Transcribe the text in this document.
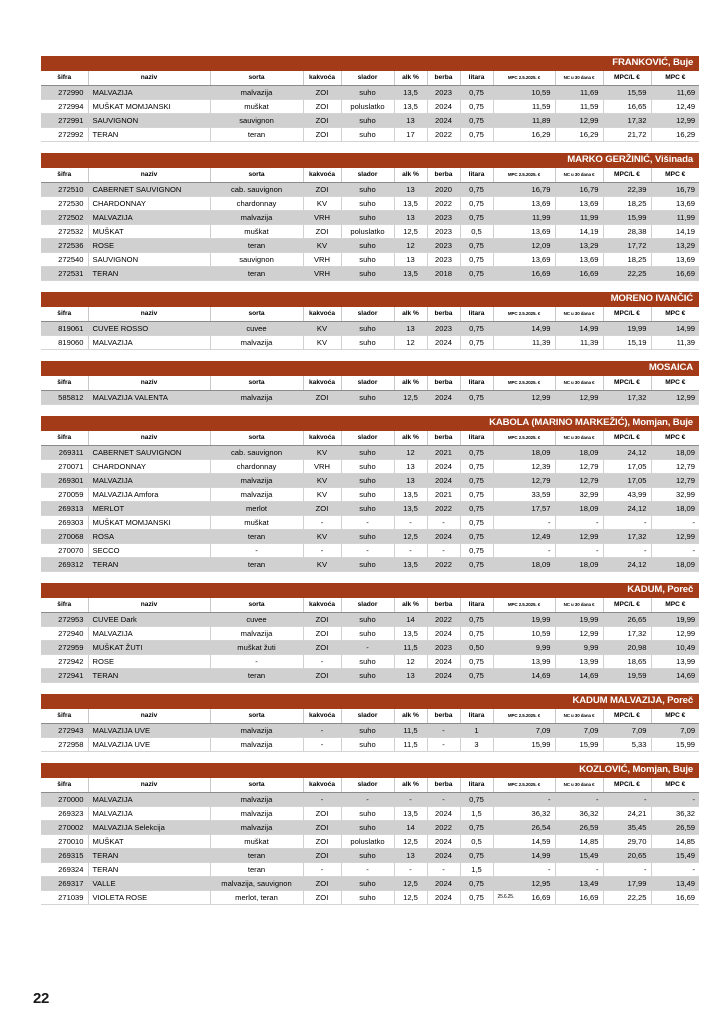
FRANKOVIĆ, Buje											
šifra	naziv	sorta	kakvoća	slador	alk %	berba	litara	MPC 2.5.2025. €	NC u 30 dana €	MPC/L €	MPC €
272990	MALVAZIJA	malvazija	ZOI	suho	13,5	2023	0,75	10,59	11,69	15,59	11,69
272994	MUŠKAT MOMJANSKI	muškat	ZOI	poluslatko	13,5	2024	0,75	11,59	11,59	16,65	12,49
272991	SAUVIGNON	sauvignon	ZOI	suho	13	2024	0,75	11,89	12,99	17,32	12,99
272992	TERAN	teran	ZOI	suho	17	2022	0,75	16,29	16,29	21,72	16,29
MARKO GERŽINIĆ, Višinada											
šifra	naziv	sorta	kakvoća	slador	alk %	berba	litara	MPC 2.5.2025. €	NC u 30 dana €	MPC/L €	MPC €
272510	CABERNET SAUVIGNON	cab. sauvignon	ZOI	suho	13	2020	0,75	16,79	16,79	22,39	16,79
272530	CHARDONNAY	chardonnay	KV	suho	13,5	2022	0,75	13,69	13,69	18,25	13,69
272502	MALVAZIJA	malvazija	VRH	suho	13	2023	0,75	11,99	11,99	15,99	11,99
272532	MUŠKAT	muškat	ZOI	poluslatko	12,5	2023	0,5	13,69	14,19	28,38	14,19
272536	ROSE	teran	KV	suho	12	2023	0,75	12,09	13,29	17,72	13,29
272540	SAUVIGNON	sauvignon	VRH	suho	13	2023	0,75	13,69	13,69	18,25	13,69
272531	TERAN	teran	VRH	suho	13,5	2018	0,75	16,69	16,69	22,25	16,69
MORENO IVANČIĆ											
šifra	naziv	sorta	kakvoća	slador	alk %	berba	litara	MPC 2.5.2025. €	NC u 30 dana €	MPC/L €	MPC €
819061	CUVEE ROSSO	cuvee	KV	suho	13	2023	0,75	14,99	14,99	19,99	14,99
819060	MALVAZIJA	malvazija	KV	suho	12	2024	0,75	11,39	11,39	15,19	11,39
MOSAICA											
šifra	naziv	sorta	kakvoća	slador	alk %	berba	litara	MPC 2.5.2025. €	NC u 30 dana €	MPC/L €	MPC €
585812	MALVAZIJA VALENTA	malvazija	ZOI	suho	12,5	2024	0,75	12,99	12,99	17,32	12,99
KABOLA (MARINO MARKEŽIĆ), Momjan, Buje											
šifra	naziv	sorta	kakvoća	slador	alk %	berba	litara	MPC 2.5.2025. €	NC u 30 dana €	MPC/L €	MPC €
269311	CABERNET SAUVIGNON	cab. sauvignon	KV	suho	12	2021	0,75	18,09	18,09	24,12	18,09
270071	CHARDONNAY	chardonnay	VRH	suho	13	2024	0,75	12,39	12,79	17,05	12,79
269301	MALVAZIJA	malvazija	KV	suho	13	2024	0,75	12,79	12,79	17,05	12,79
270059	MALVAZIJA Amfora	malvazija	KV	suho	13,5	2021	0,75	33,59	32,99	43,99	32,99
269313	MERLOT	merlot	ZOI	suho	13,5	2022	0,75	17,57	18,09	24,12	18,09
269303	MUŠKAT MOMJANSKI	muškat	-	-	-	-	0,75	-	-	-	-
270068	ROSA	teran	KV	suho	12,5	2024	0,75	12,49	12,99	17,32	12,99
270070	SECCO	-	-	-	-	-	0,75	-	-	-	-
269312	TERAN	teran	KV	suho	13,5	2022	0,75	18,09	18,09	24,12	18,09
KADUM, Poreč											
šifra	naziv	sorta	kakvoća	slador	alk %	berba	litara	MPC 2.5.2025. €	NC u 30 dana €	MPC/L €	MPC €
272953	CUVEE Dark	cuvee	ZOI	suho	14	2022	0,75	19,99	19,99	26,65	19,99
272940	MALVAZIJA	malvazija	ZOI	suho	13,5	2024	0,75	10,59	12,99	17,32	12,99
272959	MUŠKAT ŽUTI	muškat žuti	ZOI	-	11,5	2023	0,50	9,99	9,99	20,98	10,49
272942	ROSE	-	-	suho	12	2024	0,75	13,99	13,99	18,65	13,99
272941	TERAN	teran	ZOI	suho	13	2024	0,75	14,69	14,69	19,59	14,69
KADUM MALVAZIJA, Poreč											
šifra	naziv	sorta	kakvoća	slador	alk %	berba	litara	MPC 2.5.2025. €	NC u 30 dana €	MPC/L €	MPC €
272943	MALVAZIJA UVE	malvazija	-	suho	11,5	-	1	7,09	7,09	7,09	7,09
272958	MALVAZIJA UVE	malvazija	-	suho	11,5	-	3	15,99	15,99	5,33	15,99
KOZLOVIĆ, Momjan, Buje											
šifra	naziv	sorta	kakvoća	slador	alk %	berba	litara	MPC 2.5.2025. €	NC u 30 dana €	MPC/L €	MPC €
270000	MALVAZIJA	malvazija	-	-	-	-	0,75	-	-	-	-
269323	MALVAZIJA	malvazija	ZOI	suho	13,5	2024	1,5	36,32	36,32	24,21	36,32
270002	MALVAZIJA Selekcija	malvazija	ZOI	suho	14	2022	0,75	26,54	26,59	35,45	26,59
270010	MUŠKAT	muškat	ZOI	poluslatko	12,5	2024	0,5	14,59	14,85	29,70	14,85
269315	TERAN	teran	ZOI	suho	13	2024	0,75	14,99	15,49	20,65	15,49
269324	TERAN	teran	-	-	-	-	1,5	-	-	-	-
269317	VALLE	malvazija, sauvignon	ZOI	suho	12,5	2024	0,75	12,95	13,49	17,99	13,49
271039	VIOLETA ROSE	merlot, teran	ZOI	suho	12,5	2024	0,75	25.6.25. 16,69	16,69	22,25	16,69
22
